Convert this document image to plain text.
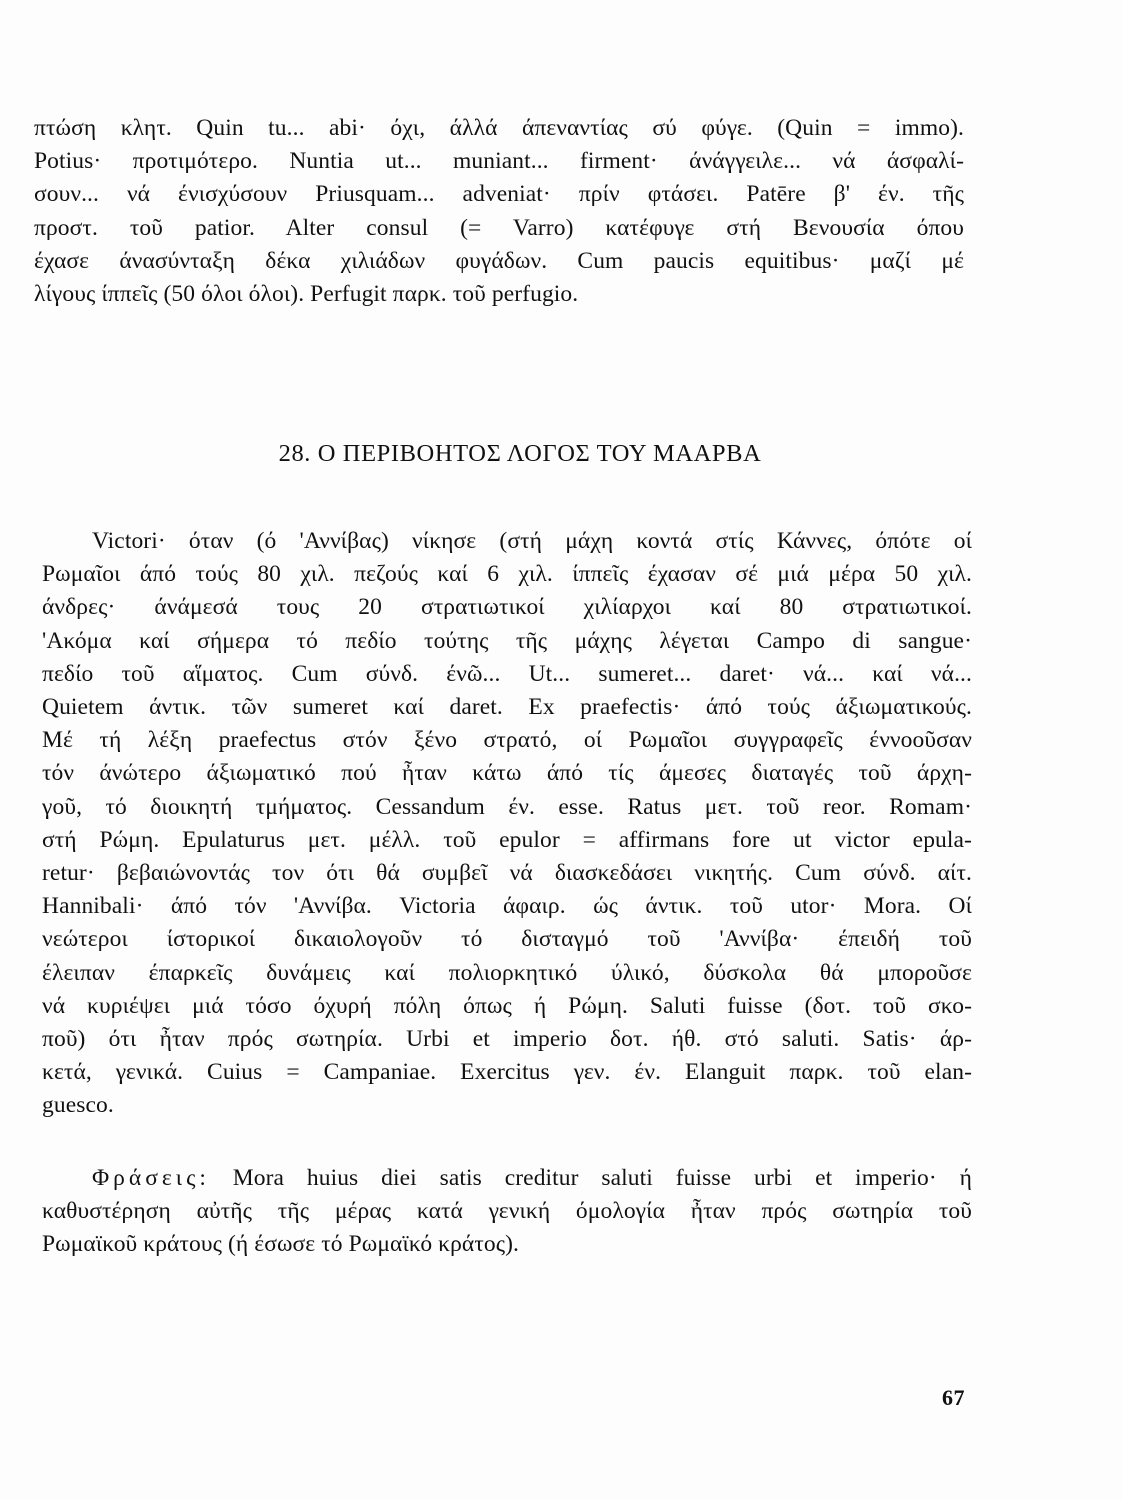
πτώση κλητ. Quin tu... abi· όχι, άλλά άπεναντίας σύ φύγε. (Quin = immo).
Potius· προτιμότερο. Nuntia ut... muniant... firment· άνάγγειλε... νά άσφαλί-
σουν... νά ένισχύσουν Priusquam... adveniat· πρίν φτάσει. Patēre β' έν. τῆς
προστ. τοῦ patior. Alter consul (= Varro) κατέφυγε στή Βενουσία όπου
έχασε άνασύνταξη δέκα χιλιάδων φυγάδων. Cum paucis equitibus· μαζί μέ
λίγους ίππεῖς (50 όλοι όλοι). Perfugit παρκ. τοῦ perfugio.
28. Ο ΠΕΡΙΒΟΗΤΟΣ ΛΟΓΟΣ ΤΟΥ ΜΑΑΡΒΑ
Victori· όταν (ό 'Αννίβας) νίκησε (στή μάχη κοντά στίς Κάννες, όπότε οί
Ρωμαῖοι άπό τούς 80 χιλ. πεζούς καί 6 χιλ. ίππεῖς έχασαν σέ μιά μέρα 50 χιλ.
άνδρες· άνάμεσά τους 20 στρατιωτικοί χιλίαρχοι καί 80 στρατιωτικοί.
'Ακόμα καί σήμερα τό πεδίο τούτης τῆς μάχης λέγεται Campo di sangue·
πεδίο τοῦ αἵματος. Cum σύνδ. ένῶ... Ut... sumeret... daret· νά... καί νά...
Quietem άντικ. τῶν sumeret καί daret. Ex praefectis· άπό τούς άξιωματικούς.
Μέ τή λέξη praefectus στόν ξένο στρατό, οί Ρωμαῖοι συγγραφεῖς έννοοῦσαν
τόν άνώτερο άξιωματικό πού ἦταν κάτω άπό τίς άμεσες διαταγές τοῦ άρχη-
γοῦ, τό διοικητή τμήματος. Cessandum έν. esse. Ratus μετ. τοῦ reor. Romam·
στή Ρώμη. Epulaturus μετ. μέλλ. τοῦ epulor = affirmans fore ut victor epula-
retur· βεβαιώνοντάς τον ότι θά συμβεῖ νά διασκεδάσει νικητής. Cum σύνδ. αίτ.
Hannibali· άπό τόν 'Αννίβα. Victoria άφαιρ. ώς άντικ. τοῦ utor· Mora. Οί
νεώτεροι ίστορικοί δικαιολογοῦν τό δισταγμό τοῦ 'Αννίβα· έπειδή τοῦ
έλειπαν έπαρκεῖς δυνάμεις καί πολιορκητικό ύλικό, δύσκολα θά μποροῦσε
νά κυριέψει μιά τόσο όχυρή πόλη όπως ή Ρώμη. Saluti fuisse (δοτ. τοῦ σκο-
ποῦ) ότι ἦταν πρός σωτηρία. Urbi et imperio δοτ. ήθ. στό saluti. Satis· άρ-
κετά, γενικά. Cuius = Campaniae. Exercitus γεν. έν. Elanguit παρκ. τοῦ elan-
guesco.
Φράσεις: Mora huius diei satis creditur saluti fuisse urbi et imperio· ή
καθυστέρηση αὐτῆς τῆς μέρας κατά γενική όμολογία ἦταν πρός σωτηρία τοῦ
Ρωμαϊκοῦ κράτους (ή έσωσε τό Ρωμαϊκό κράτος).
67
